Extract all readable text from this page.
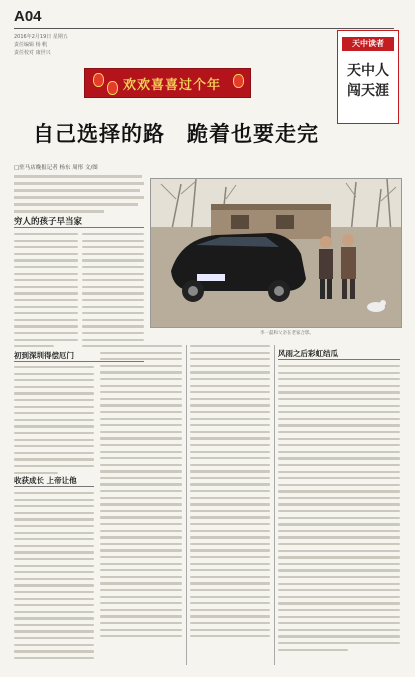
A04
2016年2月19日 星期五
责任编辑 杨 帆
责任校对 康世兴
欢欢喜喜过个年
天中读者
天中人
闯天涯
自己选择的路　跪着也要走完
□驻马店晚报记者 杨东 周彤 文/图
穷人的孩子早当家
李一磊和父亲在老家合影。
初到深圳得偿厄门
收获成长 上帝让他
风雨之后彩虹结瓜
